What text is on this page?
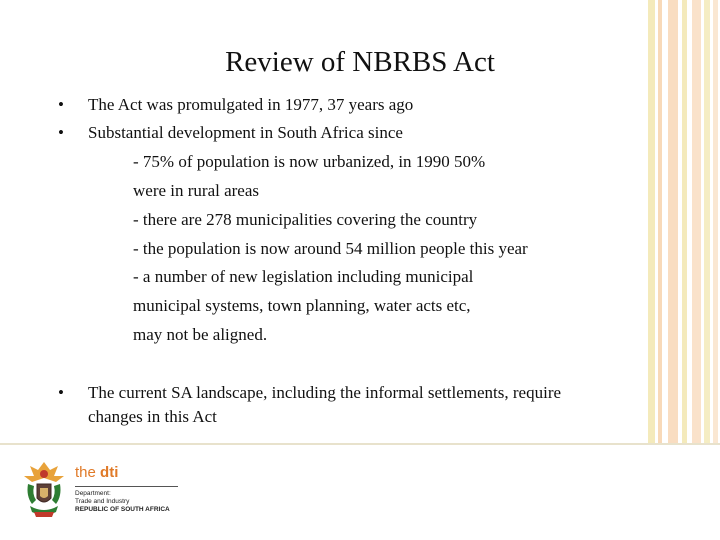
Review of NBRBS Act
• The Act was promulgated in 1977, 37 years ago
• Substantial development in South Africa since
- 75% of population is now urbanized, in 1990 50%
were in rural areas
- there are 278 municipalities covering the country
- the population is now around 54 million people this year
- a number of new legislation including municipal
municipal systems, town planning, water acts etc,
may not be aligned.
• The current SA landscape, including the informal settlements, require
changes in this Act
the dti
Department:
Trade and Industry
REPUBLIC OF SOUTH AFRICA
